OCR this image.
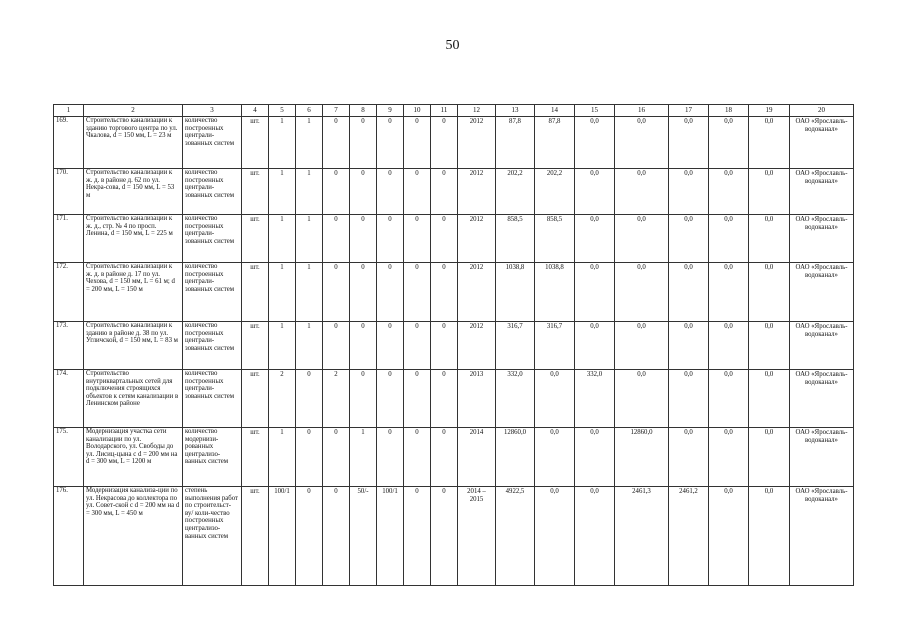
50
1	2	3	4	5	6	7	8	9	10	11	12	13	14	15	16	17	18	19	20
169.	Строительство канализации к зданию торгового центра по ул. Чкалова, d = 150 мм, L = 23 м	количество построенных централи-зованных систем	шт.	1	1	0	0	0	0	0	2012	87,8	87,8	0,0	0,0	0,0	0,0	0,0	ОАО «Ярославль-водоканал»
170.	Строительство канализации к ж. д. в районе д. 62 по ул. Некра-сова, d = 150 мм, L = 53 м	количество построенных централи-зованных систем	шт.	1	1	0	0	0	0	0	2012	202,2	202,2	0,0	0,0	0,0	0,0	0,0	ОАО «Ярославль-водоканал»
171.	Строительство канализации к ж. д., стр. № 4 по просп. Ленина, d = 150 мм, L = 225 м	количество построенных централи-зованных систем	шт.	1	1	0	0	0	0	0	2012	858,5	858,5	0,0	0,0	0,0	0,0	0,0	ОАО «Ярославль-водоканал»
172.	Строительство канализации к ж. д. в районе д. 17 по ул. Чехова, d = 150 мм, L = 61 м; d = 200 мм, L = 150 м	количество построенных централи-зованных систем	шт.	1	1	0	0	0	0	0	2012	1038,8	1038,8	0,0	0,0	0,0	0,0	0,0	ОАО «Ярославль-водоканал»
173.	Строительство канализации к зданию в районе д. 38 по ул. Угличской, d = 150 мм, L = 83 м	количество построенных централи-зованных систем	шт.	1	1	0	0	0	0	0	2012	316,7	316,7	0,0	0,0	0,0	0,0	0,0	ОАО «Ярославль-водоканал»
174.	Строительство внутриквартальных сетей для подключения строящихся объектов к сетям канализации в Ленинском районе	количество построенных централи-зованных систем	шт.	2	0	2	0	0	0	0	2013	332,0	0,0	332,0	0,0	0,0	0,0	0,0	ОАО «Ярославль-водоканал»
175.	Модернизация участка сети канализации по ул. Володарского, ул. Свободы до ул. Лисиц-цына с d = 200 мм на d = 300 мм, L = 1200 м	количество модернизи-рованных централизо-ванных систем	шт.	1	0	0	1	0	0	0	2014	12860,0	0,0	0,0	12860,0	0,0	0,0	0,0	ОАО «Ярославль-водоканал»
176.	Модернизация канализа-ции по ул. Некрасова до коллектора по ул. Совет-ской с d = 200 мм на d = 300 мм, L = 450 м	степень выполнения работ по строительст-ву/ коли-чество построенных централизо-ванных систем	шт.	100/1	0	0	50/-	100/1	0	0	2014 – 2015	4922,5	0,0	0,0	2461,3	2461,2	0,0	0,0	ОАО «Ярославль-водоканал»
